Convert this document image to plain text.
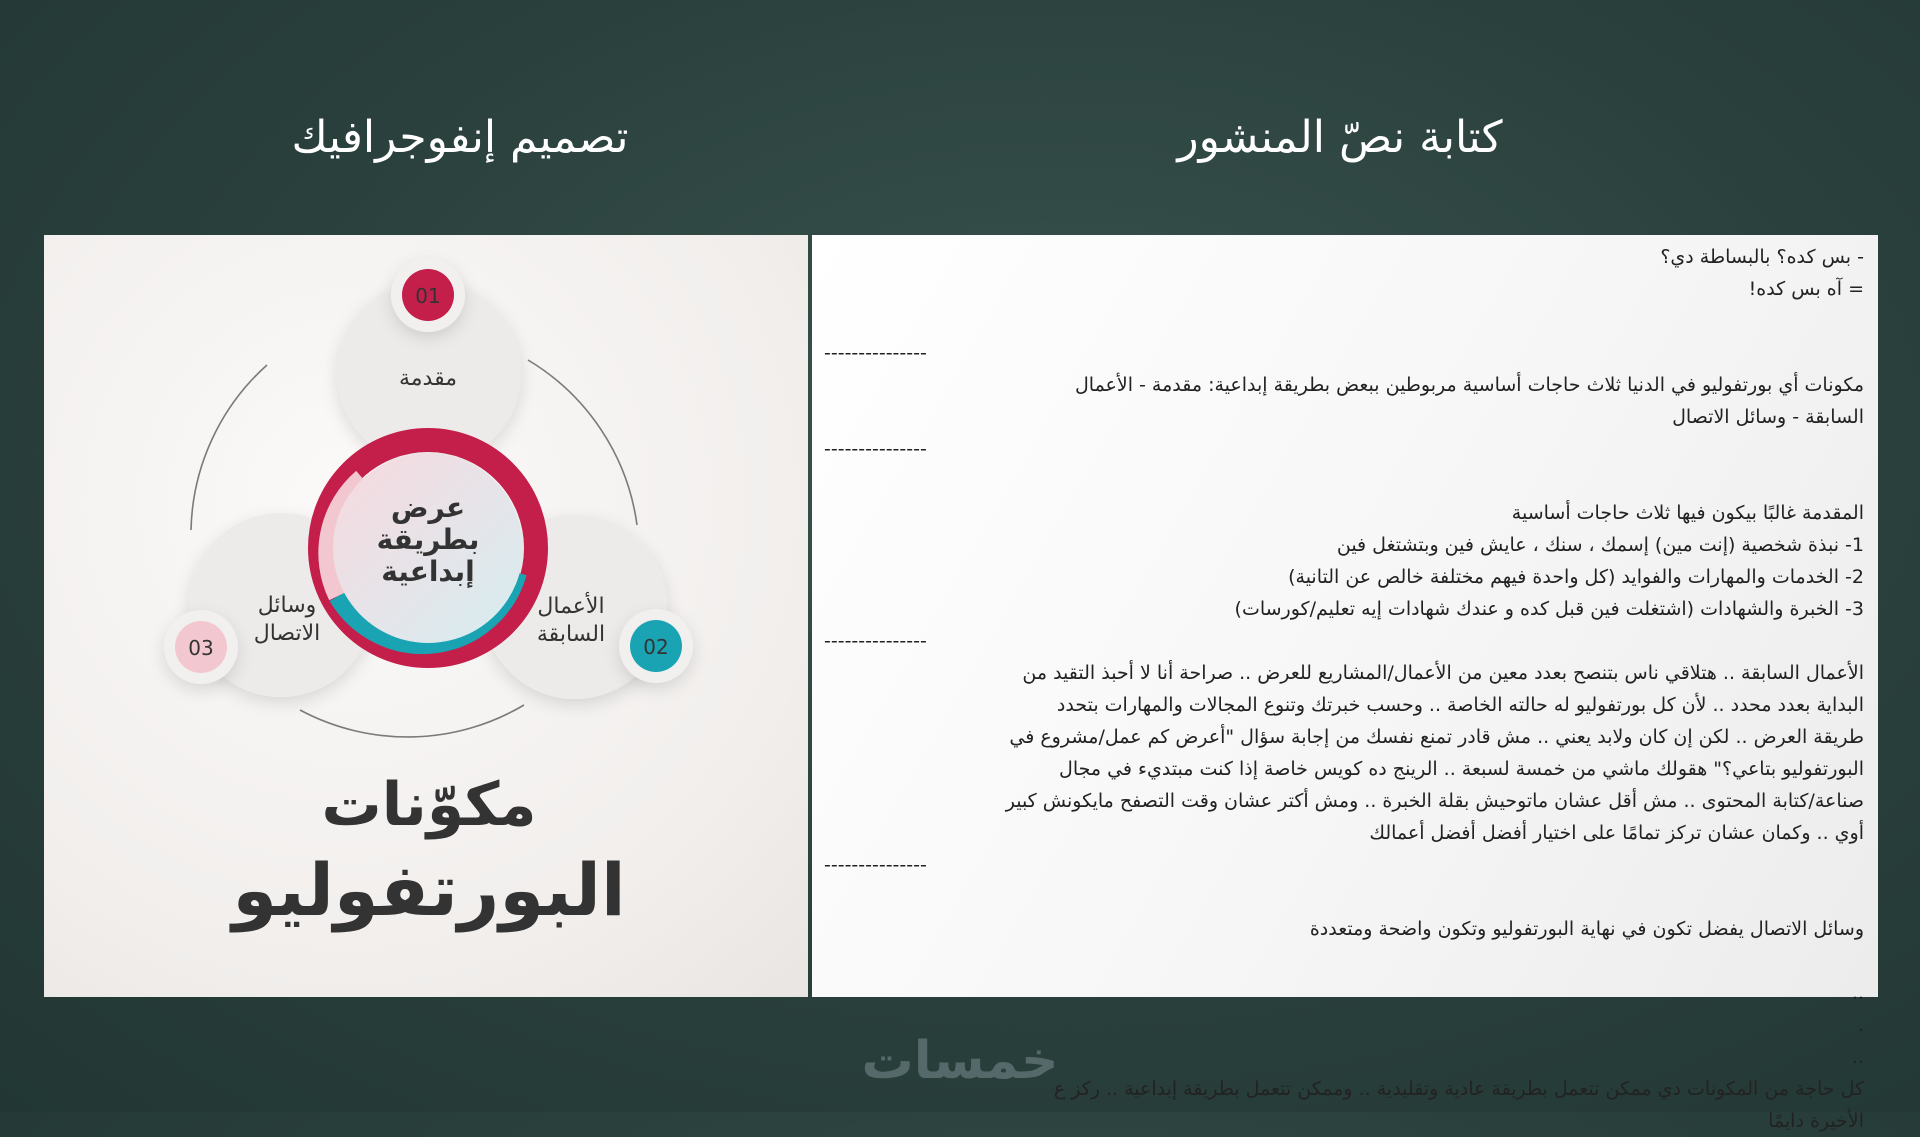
تصميم إنفوجرافيك	كتابة نصّ المنشور
عرض
بطريقة
إبداعية
01
02
03
مقدمة
الأعمال
السابقة
وسائل
الاتصال
مكوّنات
البورتفوليو
- بس كده؟ بالبساطة دي؟
= آه بس كده!
---------------
مكونات أي بورتفوليو في الدنيا ثلاث حاجات أساسية مربوطين ببعض بطريقة إبداعية: مقدمة - الأعمال
السابقة - وسائل الاتصال
---------------
المقدمة غالبًا بيكون فيها ثلاث حاجات أساسية
1- نبذة شخصية (إنت مين) إسمك ، سنك ، عايش فين وبتشتغل فين
2- الخدمات والمهارات والفوايد (كل واحدة فيهم مختلفة خالص عن التانية)
3- الخبرة والشهادات (اشتغلت فين قبل كده و عندك شهادات إيه تعليم/كورسات)
---------------
الأعمال السابقة .. هتلاقي ناس بتنصح بعدد معين من الأعمال/المشاريع للعرض .. صراحة أنا لا أحبذ التقيد من
البداية بعدد محدد .. لأن كل بورتفوليو له حالته الخاصة .. وحسب خبرتك وتنوع المجالات والمهارات بتحدد
طريقة العرض .. لكن إن كان ولابد يعني .. مش قادر تمنع نفسك من إجابة سؤال "أعرض كم عمل/مشروع في
البورتفوليو بتاعي؟" هقولك ماشي من خمسة لسبعة .. الرينج ده كويس خاصة إذا كنت مبتديء في مجال
صناعة/كتابة المحتوى .. مش أقل عشان ماتوحيش بقلة الخبرة .. ومش أكتر عشان وقت التصفح مايكونش كبير
أوي .. وكمان عشان تركز تمامًا على اختيار أفضل أفضل أعمالك
---------------
وسائل الاتصال يفضل تكون في نهاية البورتفوليو وتكون واضحة ومتعددة
..
.
..
كل حاجة من المكونات دي ممكن تتعمل بطريقة عادية وتقليدية .. وممكن تتعمل بطريقة إبداعية .. ركز ع
الأخيرة دايمًا
خمسات
